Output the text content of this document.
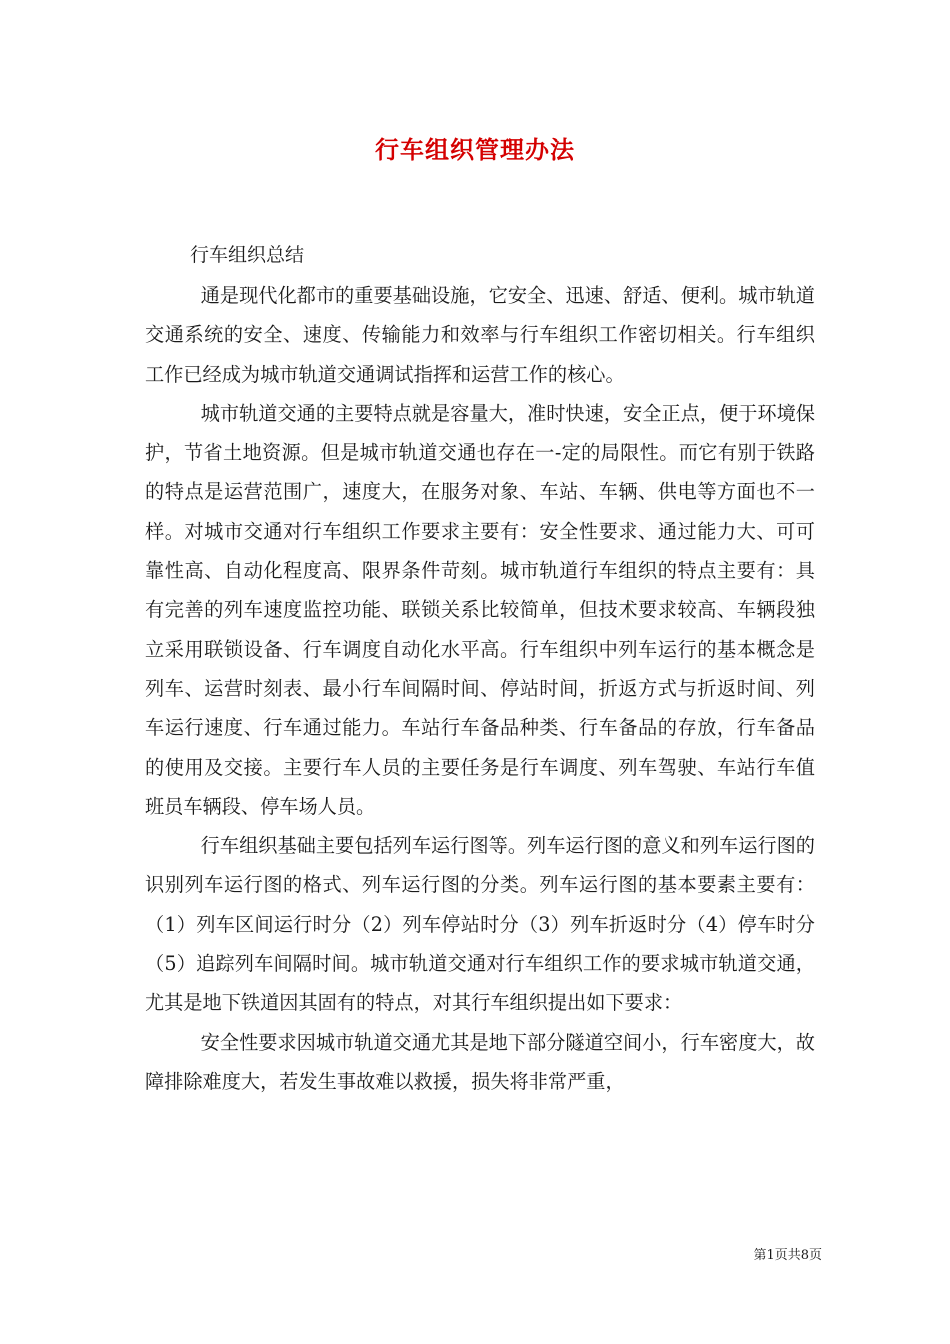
行车组织管理办法
行车组织总结

通是现代化都市的重要基础设施，它安全、迅速、舒适、便利。城市轨道交通系统的安全、速度、传输能力和效率与行车组织工作密切相关。行车组织工作已经成为城市轨道交通调试指挥和运营工作的核心。

城市轨道交通的主要特点就是容量大，准时快速，安全正点，便于环境保护，节省土地资源。但是城市轨道交通也存在一-定的局限性。而它有别于铁路的特点是运营范围广，速度大，在服务对象、车站、车辆、供电等方面也不一样。对城市交通对行车组织工作要求主要有：安全性要求、通过能力大、可可靠性高、自动化程度高、限界条件苛刻。城市轨道行车组织的特点主要有：具有完善的列车速度监控功能、联锁关系比较简单，但技术要求较高、车辆段独立采用联锁设备、行车调度自动化水平高。行车组织中列车运行的基本概念是列车、运营时刻表、最小行车间隔时间、停站时间，折返方式与折返时间、列车运行速度、行车通过能力。车站行车备品种类、行车备品的存放，行车备品的使用及交接。主要行车人员的主要任务是行车调度、列车驾驶、车站行车值班员车辆段、停车场人员。

行车组织基础主要包括列车运行图等。列车运行图的意义和列车运行图的识别列车运行图的格式、列车运行图的分类。列车运行图的基本要素主要有：（1）列车区间运行时分（2）列车停站时分（3）列车折返时分（4）停车时分（5）追踪列车间隔时间。城市轨道交通对行车组织工作的要求城市轨道交通，尤其是地下铁道因其固有的特点，对其行车组织提出如下要求：

安全性要求因城市轨道交通尤其是地下部分隧道空间小，行车密度大，故障排除难度大，若发生事故难以救援，损失将非常严重，

第1页共8页
